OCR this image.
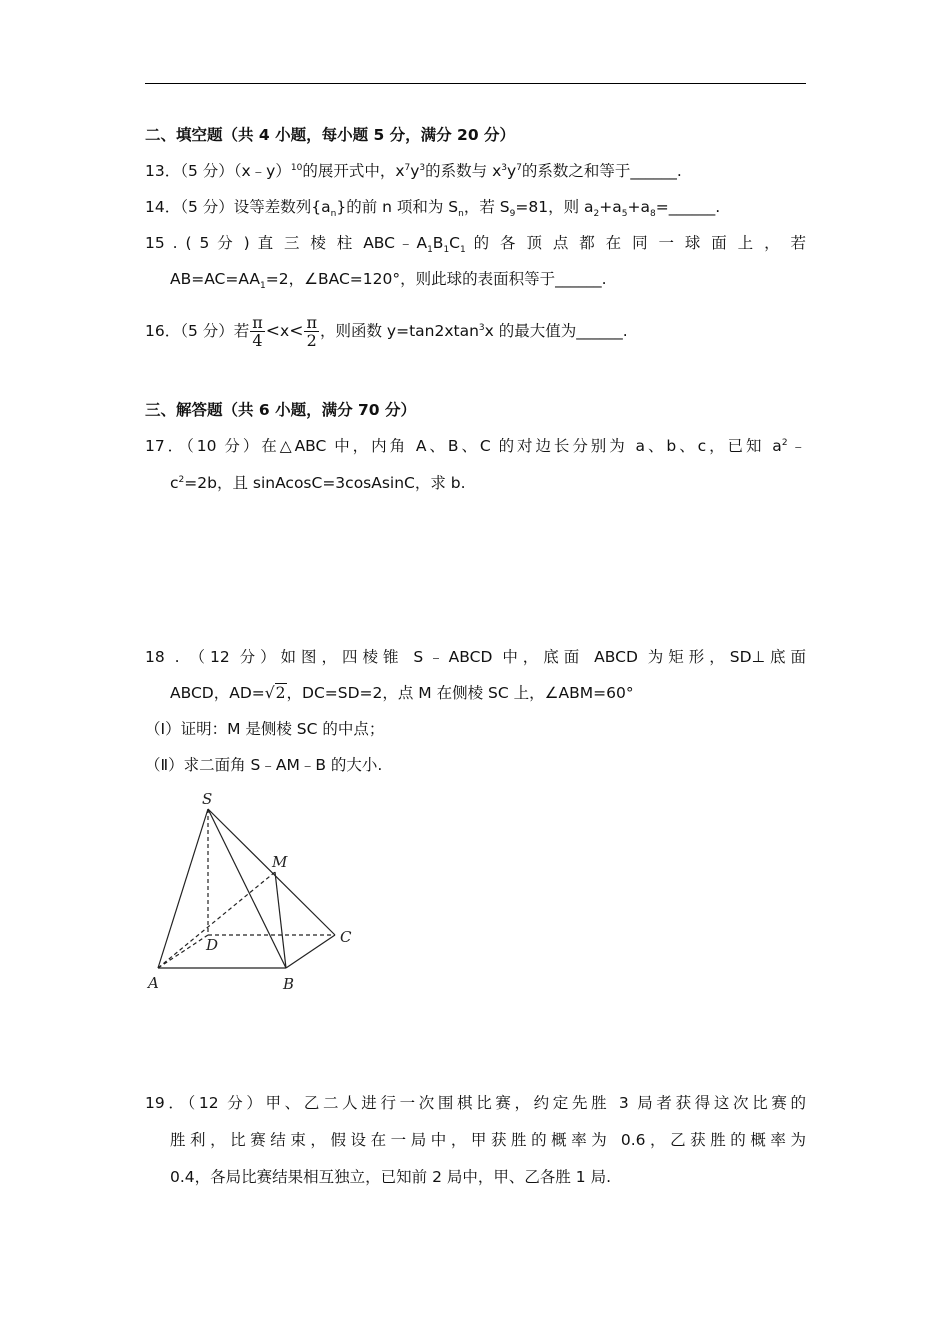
二、填空题（共 4 小题，每小题 5 分，满分 20 分）
13．（5 分）（x﹣y）$^{10}$的展开式中，$x^7y^3$的系数与 $x^3y^7$的系数之和等于______.
14．（5 分）设等差数列$\{a_n\}$的前 n 项和为 $S_n$，若 $S_9=81$，则 $a_2+a_5+a_8=\_\_\_\_\_\_$.
15 . ( 5 分 ) 直 三 棱 柱 $ABC﹣A_1B_1C_1$ 的 各 顶 点 都 在 同 一 球 面 上 ， 若
$AB=AC=AA_1=2$，∠BAC=120°，则此球的表面积等于______.
16．（5 分）若 $\frac{\pi}{4} <x< \frac{\pi}{2}$ ，则函数 y=tan2xtan$^3$x 的最大值为______.
三、解答题（共 6 小题，满分 70 分）
17．（10 分）在△ABC 中，内角 A、B、C 的对边长分别为 a、b、c，已知 $a^2﹣$
$c^2=2b$，且 sinAcosC=3cosAsinC，求 b.
18 . （12 分）如图，四棱锥 S﹣ABCD 中，底面 ABCD 为矩形，SD⊥底面
ABCD，AD=√2，DC=SD=2，点 M 在侧棱 SC 上，∠ABM=60°
（I）证明：M 是侧棱 SC 的中点；
（Ⅱ）求二面角 S﹣AM﹣B 的大小.
19．（12 分）甲、乙二人进行一次围棋比赛，约定先胜 3 局者获得这次比赛的
胜利，比赛结束，假设在一局中，甲获胜的概率为 0.6，乙获胜的概率为
0.4，各局比赛结果相互独立，已知前 2 局中，甲、乙各胜 1 局.
S
M
D	C
A	B
